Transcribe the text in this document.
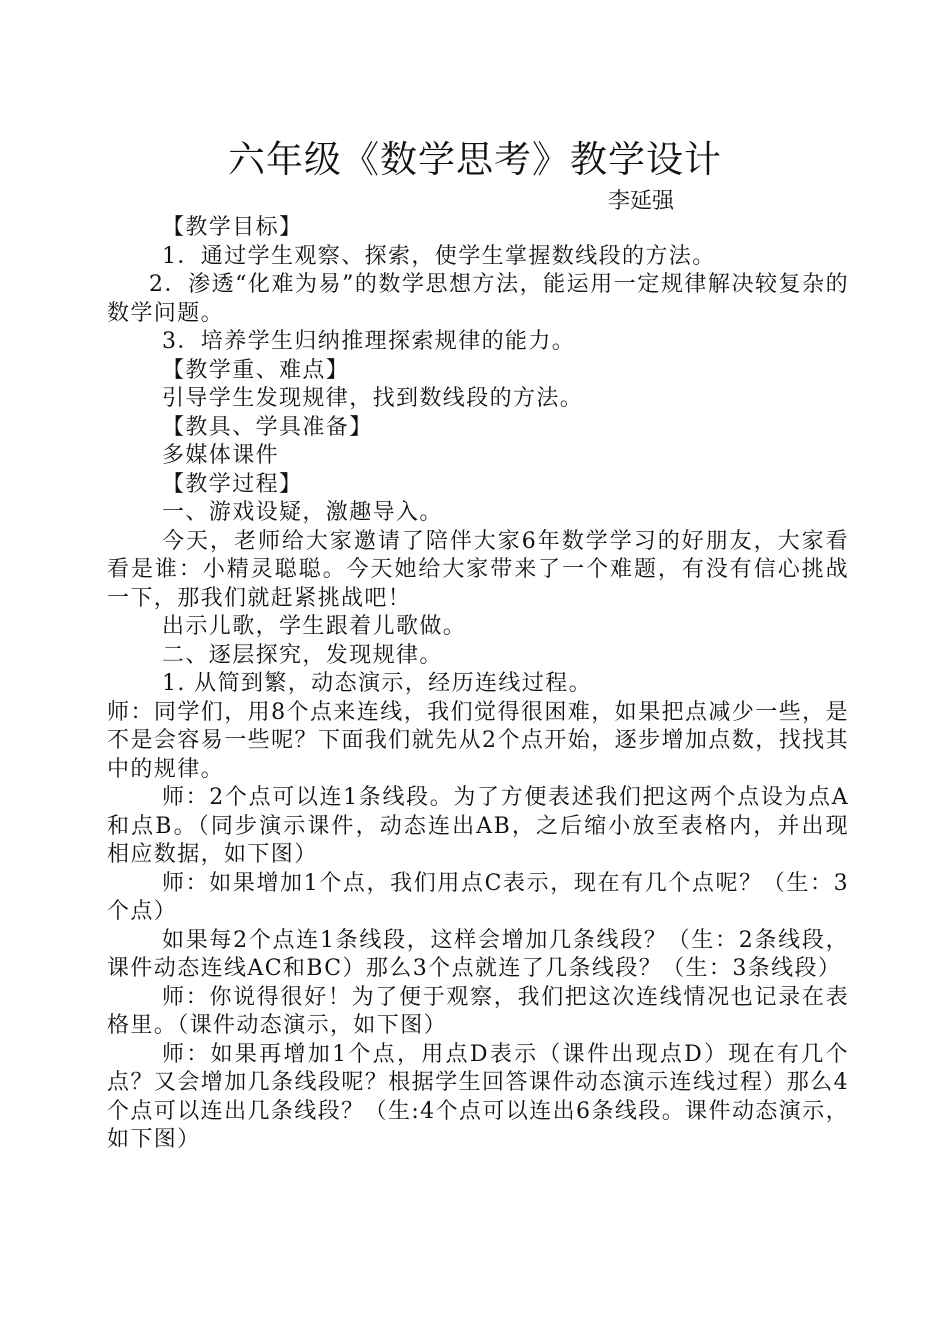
六年级《数学思考》教学设计

李延强

【教学目标】

1．通过学生观察、探索，使学生掌握数线段的方法。

2．渗透“化难为易”的数学思想方法，能运用一定规律解决较复杂的数学问题。

3．培养学生归纳推理探索规律的能力。

【教学重、难点】

引导学生发现规律，找到数线段的方法。

【教具、学具准备】

多媒体课件

【教学过程】

一、游戏设疑，激趣导入。

今天，老师给大家邀请了陪伴大家6年数学学习的好朋友，大家看看是谁：小精灵聪聪。今天她给大家带来了一个难题，有没有信心挑战一下，那我们就赶紧挑战吧！

出示儿歌，学生跟着儿歌做。

二、逐层探究，发现规律。

1. 从简到繁，动态演示，经历连线过程。

师：同学们，用8个点来连线，我们觉得很困难，如果把点减少一些，是不是会容易一些呢？下面我们就先从2个点开始，逐步增加点数，找找其中的规律。

师：2个点可以连1条线段。为了方便表述我们把这两个点设为点A和点B。（同步演示课件，动态连出AB，之后缩小放至表格内，并出现相应数据，如下图）

师：如果增加1个点，我们用点C表示，现在有几个点呢？（生：3个点）

如果每2个点连1条线段，这样会增加几条线段？（生：2条线段，课件动态连线AC和BC）那么3个点就连了几条线段？（生：3条线段）

师：你说得很好！为了便于观察，我们把这次连线情况也记录在表格里。（课件动态演示，如下图）

师：如果再增加1个点，用点D表示（课件出现点D）现在有几个点？又会增加几条线段呢？根据学生回答课件动态演示连线过程）那么4个点可以连出几条线段？（生:4个点可以连出6条线段。课件动态演示，如下图）
